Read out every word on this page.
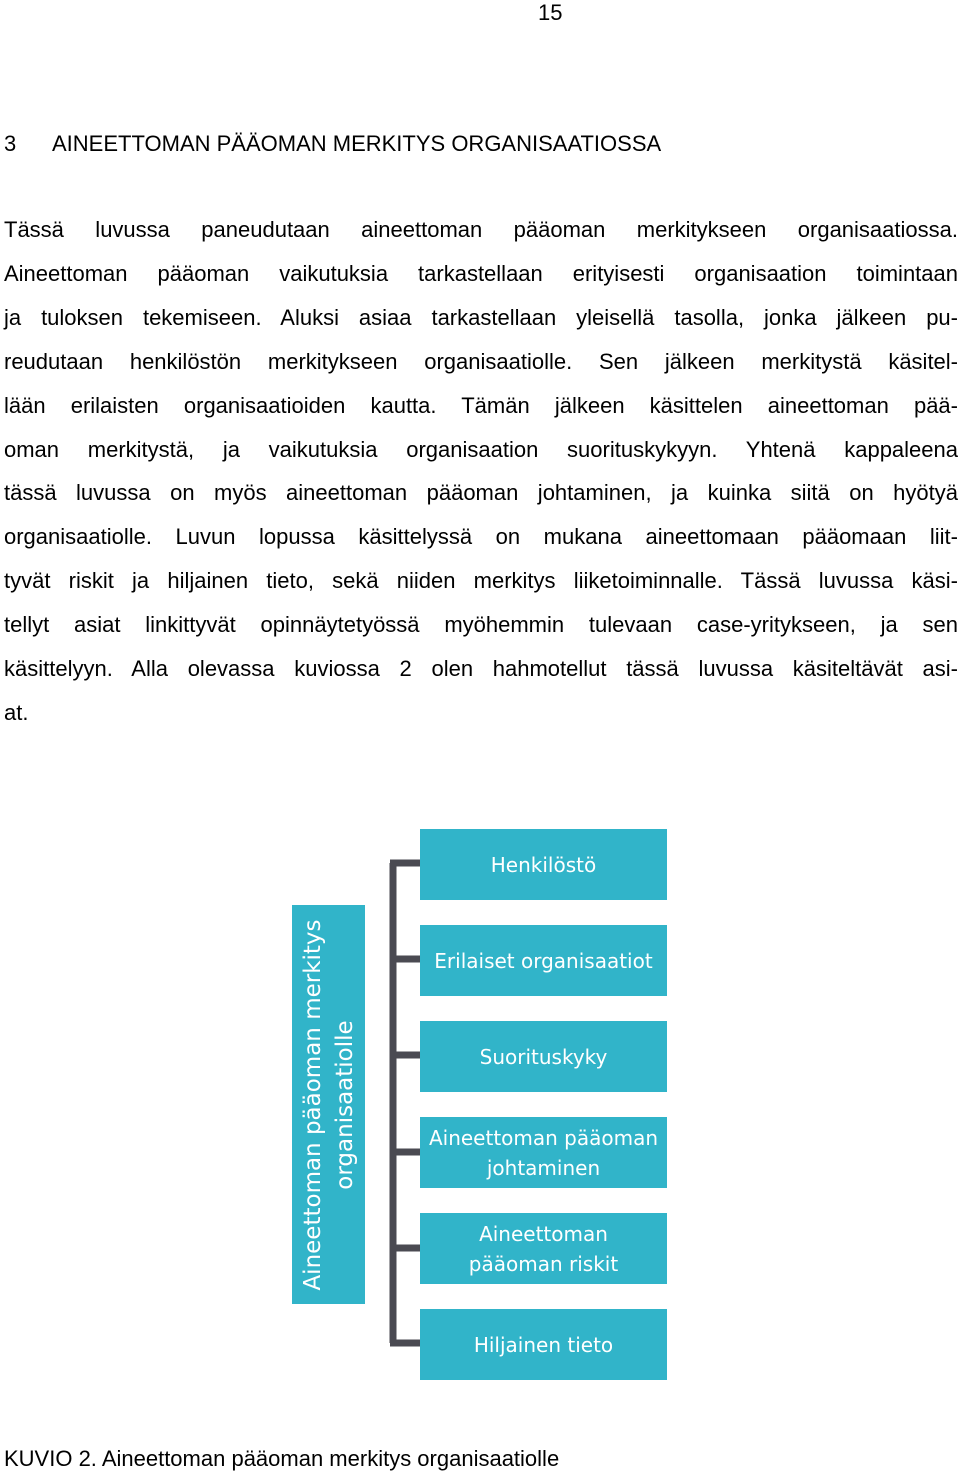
15
3 AINEETTOMAN PÄÄOMAN MERKITYS ORGANISAATIOSSA

Tässä luvussa paneudutaan aineettoman pääoman merkitykseen organisaatiossa.
Aineettoman pääoman vaikutuksia tarkastellaan erityisesti organisaation toimintaan
ja tuloksen tekemiseen. Aluksi asiaa tarkastellaan yleisellä tasolla, jonka jälkeen pu-
reudutaan henkilöstön merkitykseen organisaatiolle. Sen jälkeen merkitystä käsitel-
lään erilaisten organisaatioiden kautta. Tämän jälkeen käsittelen aineettoman pää-
oman merkitystä, ja vaikutuksia organisaation suorituskykyyn. Yhtenä kappaleena
tässä luvussa on myös aineettoman pääoman johtaminen, ja kuinka siitä on hyötyä
organisaatiolle. Luvun lopussa käsittelyssä on mukana aineettomaan pääomaan liit-
tyvät riskit ja hiljainen tieto, sekä niiden merkitys liiketoiminnalle. Tässä luvussa käsi-
tellyt asiat linkittyvät opinnäytetyössä myöhemmin tulevaan case-yritykseen, ja sen
käsittelyyn. Alla olevassa kuviossa 2 olen hahmotellut tässä luvussa käsiteltävät asi-
at.

Aineettoman pääoman merkitys organisaatiolle
Henkilöstö
Erilaiset organisaatiot
Suorituskyky
Aineettoman pääoman johtaminen
Aineettoman pääoman riskit
Hiljainen tieto
KUVIO 2. Aineettoman pääoman merkitys organisaatiolle
